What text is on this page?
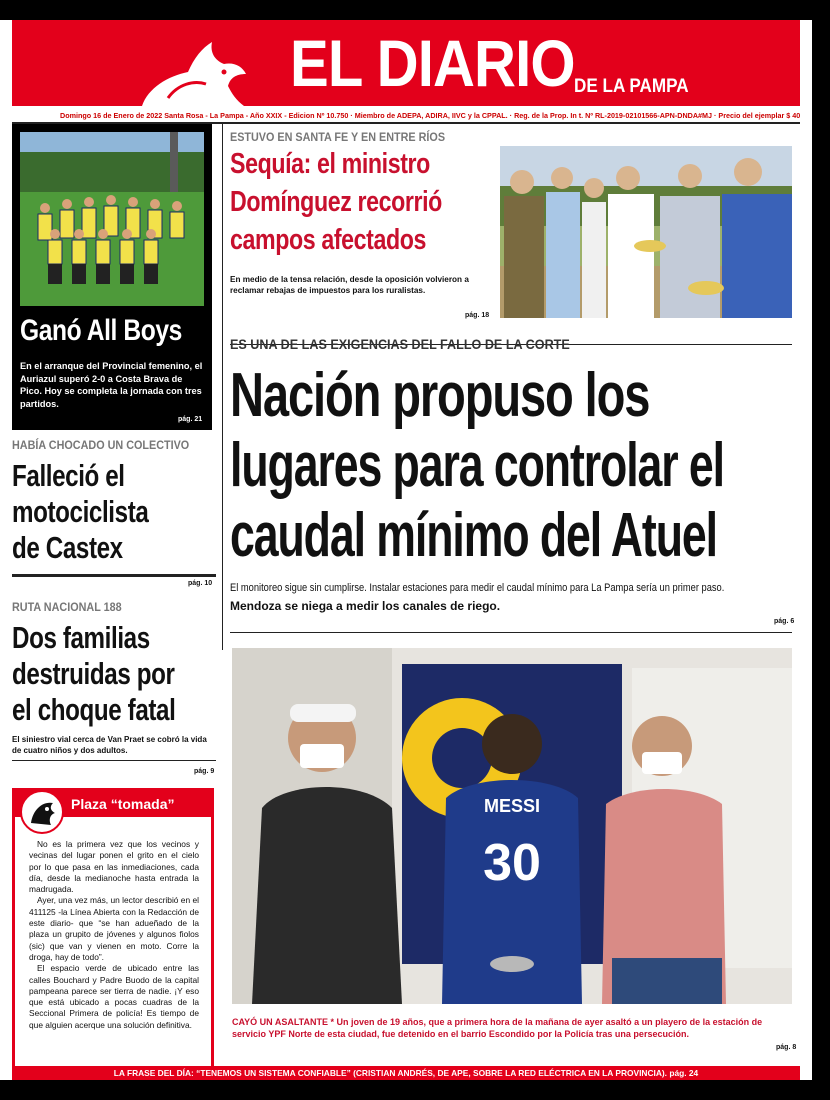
EL DIARIO DE LA PAMPA
Domingo 16 de Enero de 2022 Santa Rosa - La Pampa - Año XXIX - Edicion Nº 10.750 · Miembro de ADEPA, ADIRA, IIVC y la CPPAL. · Reg. de la Prop. In t. Nº RL-2019-02101566-APN-DNDA#MJ · Precio del ejemplar $ 40
Ganó All Boys
En el arranque del Provincial femenino, el Auriazul superó 2-0 a Costa Brava de Pico. Hoy se completa la jornada con tres partidos.
pág. 21
ESTUVO EN SANTA FE Y EN ENTRE RÍOS
Sequía: el ministro
Domínguez recorrió
campos afectados
En medio de la tensa relación, desde la oposición volvieron a reclamar rebajas de impuestos para los ruralistas.
pág. 18
ES UNA DE LAS EXIGENCIAS DEL FALLO DE LA CORTE
Nación propuso los
lugares para controlar el
caudal mínimo del Atuel
El monitoreo sigue sin cumplirse. Instalar estaciones para medir el caudal mínimo para La Pampa sería un primer paso.
Mendoza se niega a medir los canales de riego.
pág. 6
HABÍA CHOCADO UN COLECTIVO
Falleció el
motociclista
de Castex
pág. 10
RUTA NACIONAL 188
Dos familias
destruidas por
el choque fatal
El siniestro vial cerca de Van Praet se cobró la vida de cuatro niños y dos adultos.
pág. 9
Plaza “tomada”

No es la primera vez que los vecinos y vecinas del lugar ponen el grito en el cielo por lo que pasa en las inmediaciones, cada día, desde la medianoche hasta entrada la madrugada.

Ayer, una vez más, un lector describió en el 411125 -la Línea Abierta con la Redacción de este diario- que “se han adueñado de la plaza un grupito de jóvenes y algunos fiolos (sic) que van y vienen en moto. Corre la droga, hay de todo”.

El espacio verde de ubicado entre las calles Bouchard y Padre Buodo de la capital pampeana parece ser tierra de nadie. ¡Y eso que está ubicado a pocas cuadras de la Seccional Primera de policía! Es tiempo de que alguien acerque una solución definitiva.

MESSI
30
CAYÓ UN ASALTANTE * Un joven de 19 años, que a primera hora de la mañana de ayer asaltó a un playero de la estación de servicio YPF Norte de esta ciudad, fue detenido en el barrio Escondido por la Policía tras una persecución.
pág. 8
LA FRASE DEL DÍA: “TENEMOS UN SISTEMA CONFIABLE” (CRISTIAN ANDRÉS, DE APE, SOBRE LA RED ELÉCTRICA EN LA PROVINCIA). pág. 24
